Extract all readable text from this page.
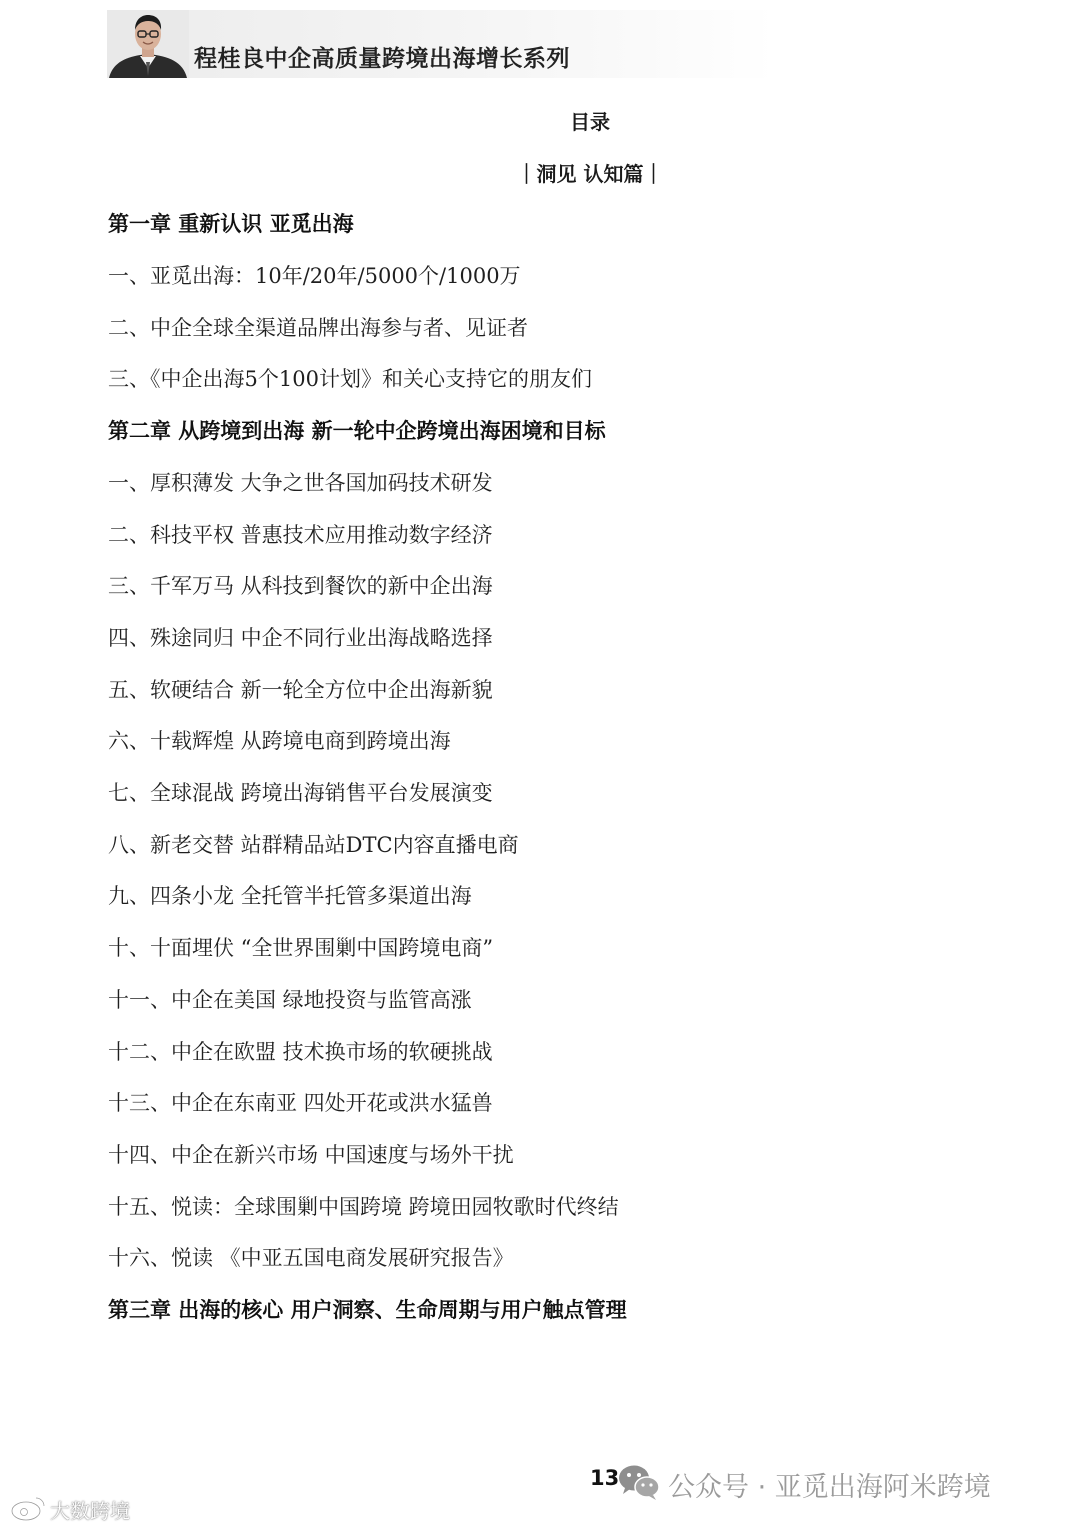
程桂良中企高质量跨境出海增长系列
目录
｜洞见 认知篇｜
第一章 重新认识 亚觅出海
一、亚觅出海：10年/20年/5000个/1000万
二、中企全球全渠道品牌出海参与者、见证者
三、《中企出海5个100计划》和关心支持它的朋友们
第二章 从跨境到出海 新一轮中企跨境出海困境和目标
一、厚积薄发 大争之世各国加码技术研发
二、科技平权 普惠技术应用推动数字经济
三、千军万马 从科技到餐饮的新中企出海
四、殊途同归 中企不同行业出海战略选择
五、软硬结合 新一轮全方位中企出海新貌
六、十载辉煌 从跨境电商到跨境出海
七、全球混战 跨境出海销售平台发展演变
八、新老交替 站群精品站DTC内容直播电商
九、四条小龙 全托管半托管多渠道出海
十、十面埋伏 “全世界围剿中国跨境电商”
十一、中企在美国 绿地投资与监管高涨
十二、中企在欧盟 技术换市场的软硬挑战
十三、中企在东南亚 四处开花或洪水猛兽
十四、中企在新兴市场 中国速度与场外干扰
十五、悦读：全球围剿中国跨境 跨境田园牧歌时代终结
十六、悦读 《中亚五国电商发展研究报告》
第三章 出海的核心 用户洞察、生命周期与用户触点管理
13 公众号 · 亚觅出海阿米跨境
大数跨境
